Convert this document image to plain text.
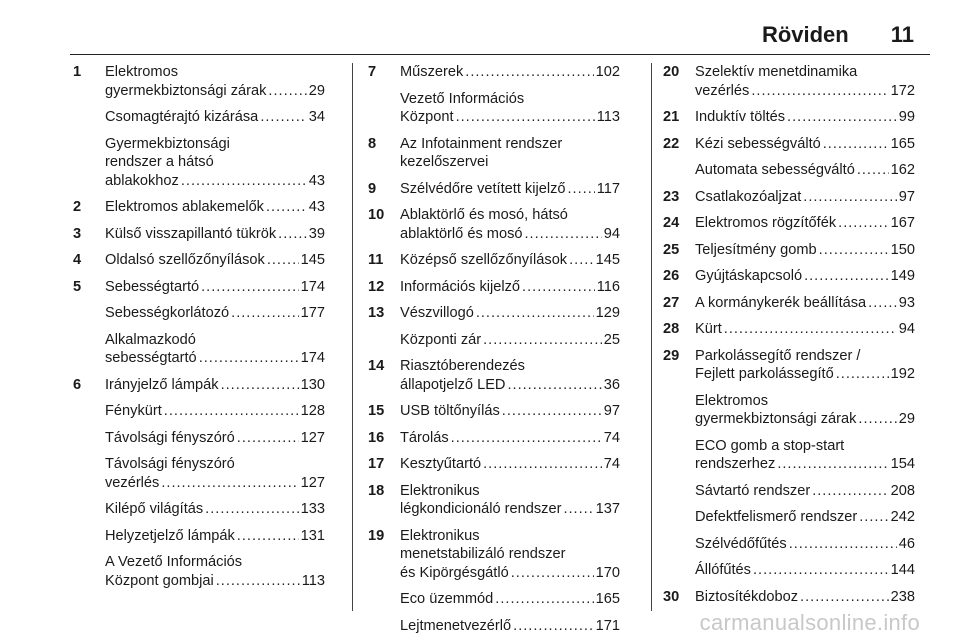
Röviden 11
1 Elektromos
gyermekbiztonsági zárak .....	29
Csomagtérajtó kizárása .....	34
Gyermekbiztonsági
rendszer a hátsó
ablakokhoz .....	43
2 Elektromos ablakemelők .....	43
3 Külső visszapillantó tükrök ..... 39
4 Oldalsó szellőzőnyílások ..... 145
5 Sebességtartó .....	174
Sebességkorlátozó .....	177
Alkalmazkodó
sebességtartó .....	174
6 Irányjelző lámpák .....	130
Fénykürt .....	128
Távolsági fényszóró .....	127
Távolsági fényszóró
vezérlés .....	127
Kilépő világítás .....	133
Helyzetjelző lámpák .....	131
A Vezető Információs
Központ gombjai .....	113
7 Műszerek .....	102
Vezető Információs
Központ .....	113
8 Az Infotainment rendszer
kezelőszervei
9 Szélvédőre vetített kijelző ..... 117
10 Ablaktörlő és mosó, hátsó
ablaktörlő és mosó .....	94
11 Középső szellőzőnyílások ..... 145
12 Információs kijelző .....	116
13 Vészvillogó .....	129
Központi zár .....	25
14 Riasztóberendezés
állapotjelző LED .....	36
15 USB töltőnyílás .....	97
16 Tárolás .....	74
17 Kesztyűtartó .....	74
18 Elektronikus
légkondicionáló rendszer ..... 137
19 Elektronikus
menetstabilizáló rendszer
és Kipörgésgátló .....	170
Eco üzemmód .....	165
Lejtmenetvezérlő .....	171
20 Szelektív menetdinamika
vezérlés .....	172
21 Induktív töltés .....	99
22 Kézi sebességváltó .....	165
Automata sebességváltó ..... 162
23 Csatlakozóaljzat .....	97
24 Elektromos rögzítőfék .....	167
25 Teljesítmény gomb .....	150
26 Gyújtáskapcsoló .....	149
27 A kormánykerék beállítása ..... 93
28 Kürt .....	94
29 Parkolássegítő rendszer /
Fejlett parkolássegítő .....	192
Elektromos
gyermekbiztonsági zárak .....	29
ECO gomb a stop-start
rendszerhez .....	154
Sávtartó rendszer .....	208
Defektfelismerő rendszer ..... 242
Szélvédőfűtés .....	46
Állófűtés .....	144
30 Biztosítékdoboz .....	238
carmanualsonline.info
